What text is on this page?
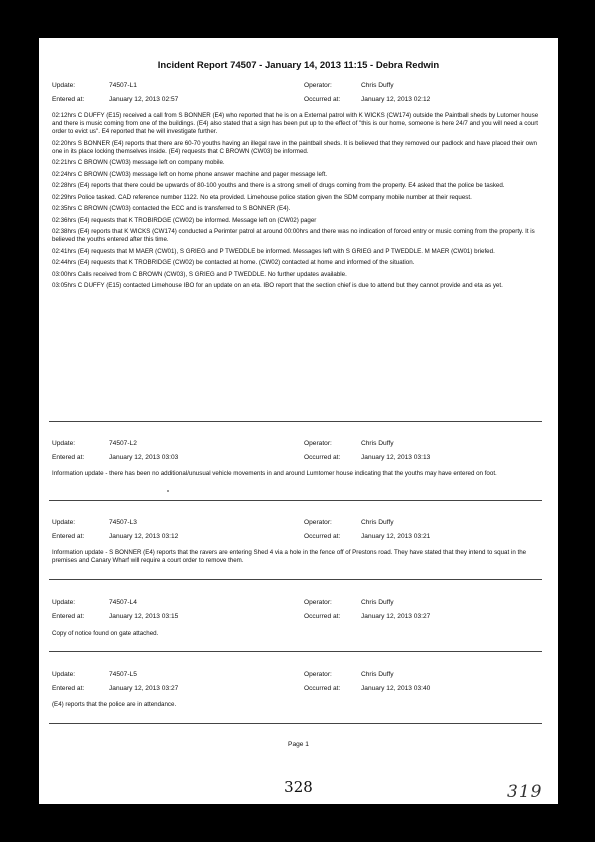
Incident Report 74507 - January 14, 2013 11:15 - Debra Redwin
Update:	74507-L1	Operator:	Chris Duffy
Entered at:	January 12, 2013 02:57	Occurred at:	January 12, 2013 02:12

02:12hrs C DUFFY (E15) received a call from S BONNER (E4) who reported that he is on a External patrol with K WICKS (CW174) outside the Paintball sheds by Lutomer house and there is music coming from one of the buildings. (E4) also stated that a sign has been put up to the effect of "this is our home, someone is here 24/7 and you will need a court order to evict us". E4 reported that he will investigate further.

02:20hrs S BONNER (E4) reports that there are 60-70 youths having an illegal rave in the paintball sheds. It is believed that they removed our padlock and have placed their own one in its place locking themselves inside. (E4) requests that C BROWN (CW03) be informed.

02:21hrs C BROWN (CW03) message left on company mobile.

02:24hrs C BROWN (CW03) message left on home phone answer machine and pager message left.

02:28hrs (E4) reports that there could be upwards of 80-100 youths and there is a strong smell of drugs coming from the property. E4 asked that the police be tasked.

02:29hrs Police tasked. CAD reference number 1122. No eta provided. Limehouse police station given the SDM company mobile number at their request.

02:35hrs C BROWN (CW03) contacted the ECC and is transferred to S BONNER (E4).

02:36hrs (E4) requests that K TROBIRDGE (CW02) be informed. Message left on (CW02) pager

02:38hrs (E4) reports that K WICKS (CW174) conducted a Perimter patrol at around 00:00hrs and there was no indication of forced entry or music coming from the property. It is believed the youths entered after this time.

02:41hrs (E4) requests that M MAER (CW01), S GRIEG and P TWEDDLE be informed. Messages left with S GRIEG and P TWEDDLE. M MAER (CW01) briefed.

02:44hrs (E4) requests that K TROBRIDGE (CW02) be contacted at home. (CW02) contacted at home and informed of the situation.

03:00hrs Calls received from C BROWN (CW03), S GRIEG and P TWEDDLE. No further updates available.

03:05hrs C DUFFY (E15) contacted Limehouse IBO for an update on an eta. IBO report that the section chief is due to attend but they cannot provide and eta as yet.

Update:	74507-L2	Operator:	Chris Duffy
Entered at:	January 12, 2013 03:03	Occurred at:	January 12, 2013 03:13

Information update - there has been no additional/unusual vehicle movements in and around Lumtomer house indicating that the youths may have entered on foot.

Update:	74507-L3	Operator:	Chris Duffy
Entered at:	January 12, 2013 03:12	Occurred at:	January 12, 2013 03:21

Information update - S BONNER (E4) reports that the ravers are entering Shed 4 via a hole in the fence off of Prestons road. They have stated that they intend to squat in the premises and Canary Wharf will require a court order to remove them.

Update:	74507-L4	Operator:	Chris Duffy
Entered at:	January 12, 2013 03:15	Occurred at:	January 12, 2013 03:27

Copy of notice found on gate attached.

Update:	74507-L5	Operator:	Chris Duffy
Entered at:	January 12, 2013 03:27	Occurred at:	January 12, 2013 03:40

(E4) reports that the police are in attendance.

Page 1
328	319
